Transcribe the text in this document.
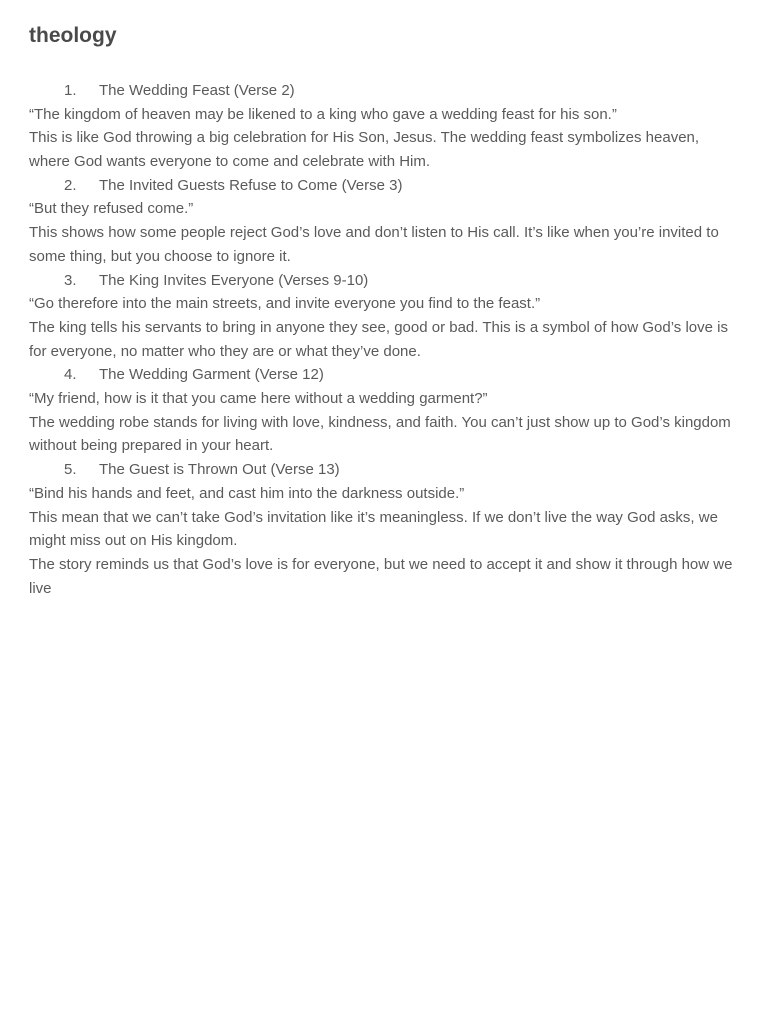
theology
1.	The Wedding Feast (Verse 2)

“The kingdom of heaven may be likened to a king who gave a wedding feast for his son.”

This is like God throwing a big celebration for His Son, Jesus. The wedding feast symbolizes heaven, where God wants everyone to come and celebrate with Him.

2.	The Invited Guests Refuse to Come (Verse 3)

“But they refused come.”

This shows how some people reject God’s love and don’t listen to His call. It’s like when you’re invited to some thing, but you choose to ignore it.

3.	The King Invites Everyone (Verses 9-10)

“Go therefore into the main streets, and invite everyone you find to the feast.”

The king tells his servants to bring in anyone they see, good or bad. This is a symbol of how God’s love is for everyone, no matter who they are or what they’ve done.

4.	The Wedding Garment (Verse 12)

“My friend, how is it that you came here without a wedding garment?”

The wedding robe stands for living with love, kindness, and faith. You can’t just show up to God’s kingdom without being prepared in your heart.

5.	The Guest is Thrown Out (Verse 13)

“Bind his hands and feet, and cast him into the darkness outside.”

This mean that we can’t take God’s invitation like it’s meaningless. If we don’t live the way God asks, we might miss out on His kingdom.

The story reminds us that God’s love is for everyone, but we need to accept it and show it through how we live
